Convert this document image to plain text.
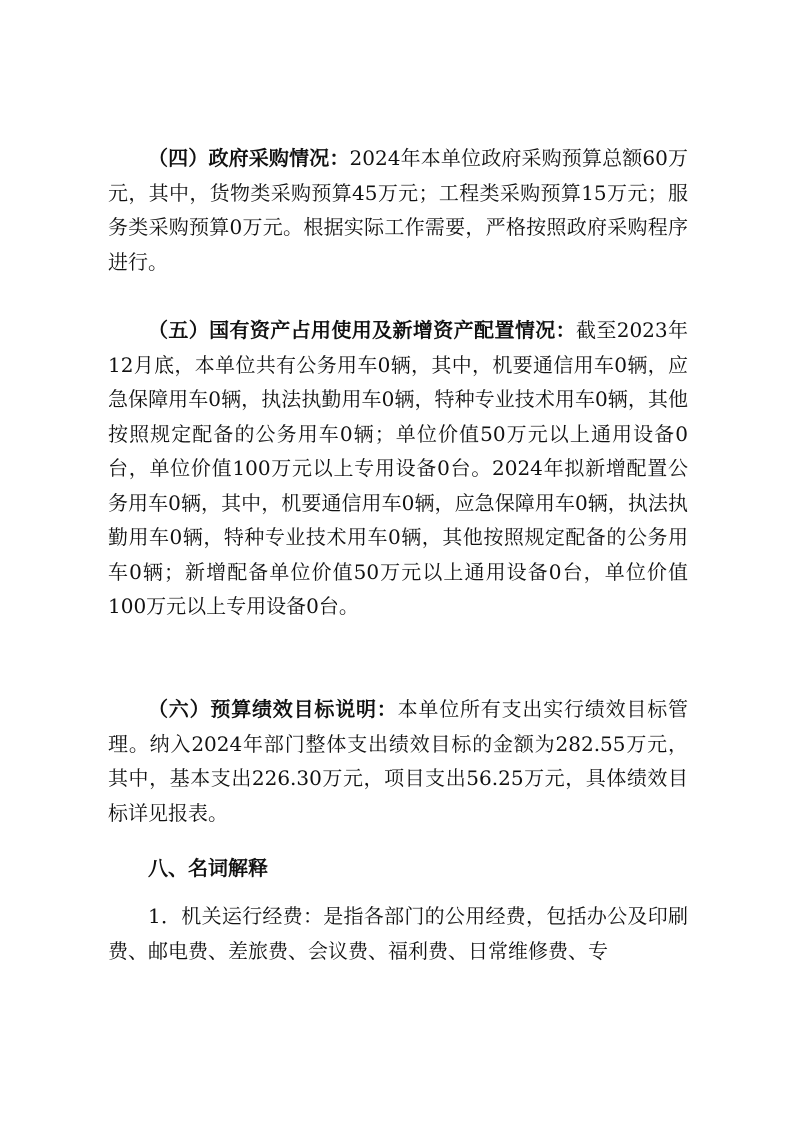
（四）政府采购情况：2024年本单位政府采购预算总额60万元，其中，货物类采购预算45万元；工程类采购预算15万元；服务类采购预算0万元。根据实际工作需要，严格按照政府采购程序进行。

（五）国有资产占用使用及新增资产配置情况：截至2023年12月底，本单位共有公务用车0辆，其中，机要通信用车0辆，应急保障用车0辆，执法执勤用车0辆，特种专业技术用车0辆，其他按照规定配备的公务用车0辆；单位价值50万元以上通用设备0台，单位价值100万元以上专用设备0台。2024年拟新增配置公务用车0辆，其中，机要通信用车0辆，应急保障用车0辆，执法执勤用车0辆，特种专业技术用车0辆，其他按照规定配备的公务用车0辆；新增配备单位价值50万元以上通用设备0台，单位价值100万元以上专用设备0台。

（六）预算绩效目标说明：本单位所有支出实行绩效目标管理。纳入2024年部门整体支出绩效目标的金额为282.55万元，其中，基本支出226.30万元，项目支出56.25万元，具体绩效目标详见报表。

八、名词解释

1．机关运行经费：是指各部门的公用经费，包括办公及印刷费、邮电费、差旅费、会议费、福利费、日常维修费、专
